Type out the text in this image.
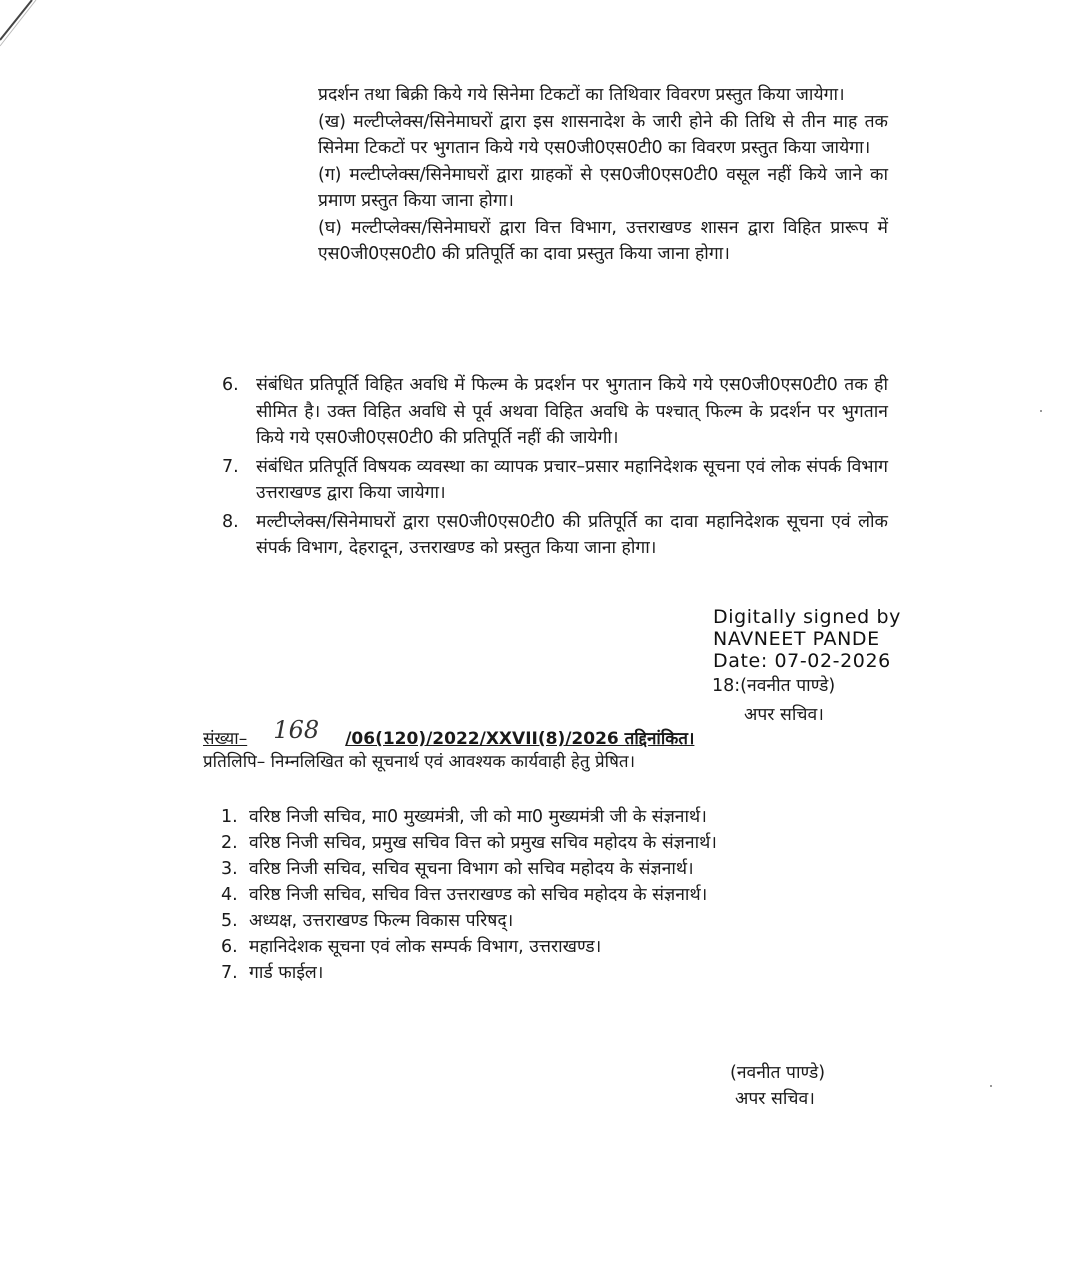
प्रदर्शन तथा बिक्री किये गये सिनेमा टिकटों का तिथिवार विवरण प्रस्तुत किया जायेगा।

(ख) मल्टीप्लेक्स/सिनेमाघरों द्वारा इस शासनादेश के जारी होने की तिथि से तीन माह तक सिनेमा टिकटों पर भुगतान किये गये एस0जी0एस0टी0 का विवरण प्रस्तुत किया जायेगा।

(ग) मल्टीप्लेक्स/सिनेमाघरों द्वारा ग्राहकों से एस0जी0एस0टी0 वसूल नहीं किये जाने का प्रमाण प्रस्तुत किया जाना होगा।

(घ) मल्टीप्लेक्स/सिनेमाघरों द्वारा वित्त विभाग, उत्तराखण्ड शासन द्वारा विहित प्रारूप में एस0जी0एस0टी0 की प्रतिपूर्ति का दावा प्रस्तुत किया जाना होगा।

6. संबंधित प्रतिपूर्ति विहित अवधि में फिल्म के प्रदर्शन पर भुगतान किये गये एस0जी0एस0टी0 तक ही सीमित है। उक्त विहित अवधि से पूर्व अथवा विहित अवधि के पश्चात् फिल्म के प्रदर्शन पर भुगतान किये गये एस0जी0एस0टी0 की प्रतिपूर्ति नहीं की जायेगी।
7. संबंधित प्रतिपूर्ति विषयक व्यवस्था का व्यापक प्रचार–प्रसार महानिदेशक सूचना एवं लोक संपर्क विभाग उत्तराखण्ड द्वारा किया जायेगा।
8. मल्टीप्लेक्स/सिनेमाघरों द्वारा एस0जी0एस0टी0 की प्रतिपूर्ति का दावा महानिदेशक सूचना एवं लोक संपर्क विभाग, देहरादून, उत्तराखण्ड को प्रस्तुत किया जाना होगा।
Digitally signed by
NAVNEET PANDE
Date: 07-02-2026
18:(नवनीत पाण्डे)
अपर सचिव।
संख्या– 168 /06(120)/2022/XXVII(8)/2026 तद्दिनांकित।
प्रतिलिपि– निम्नलिखित को सूचनार्थ एवं आवश्यक कार्यवाही हेतु प्रेषित।
1. वरिष्ठ निजी सचिव, मा0 मुख्यमंत्री, जी को मा0 मुख्यमंत्री जी के संज्ञनार्थ।
2. वरिष्ठ निजी सचिव, प्रमुख सचिव वित्त को प्रमुख सचिव महोदय के संज्ञनार्थ।
3. वरिष्ठ निजी सचिव, सचिव सूचना विभाग को सचिव महोदय के संज्ञनार्थ।
4. वरिष्ठ निजी सचिव, सचिव वित्त उत्तराखण्ड को सचिव महोदय के संज्ञनार्थ।
5. अध्यक्ष, उत्तराखण्ड फिल्म विकास परिषद्।
6. महानिदेशक सूचना एवं लोक सम्पर्क विभाग, उत्तराखण्ड।
7. गार्ड फाईल।
(नवनीत पाण्डे)
अपर सचिव।
